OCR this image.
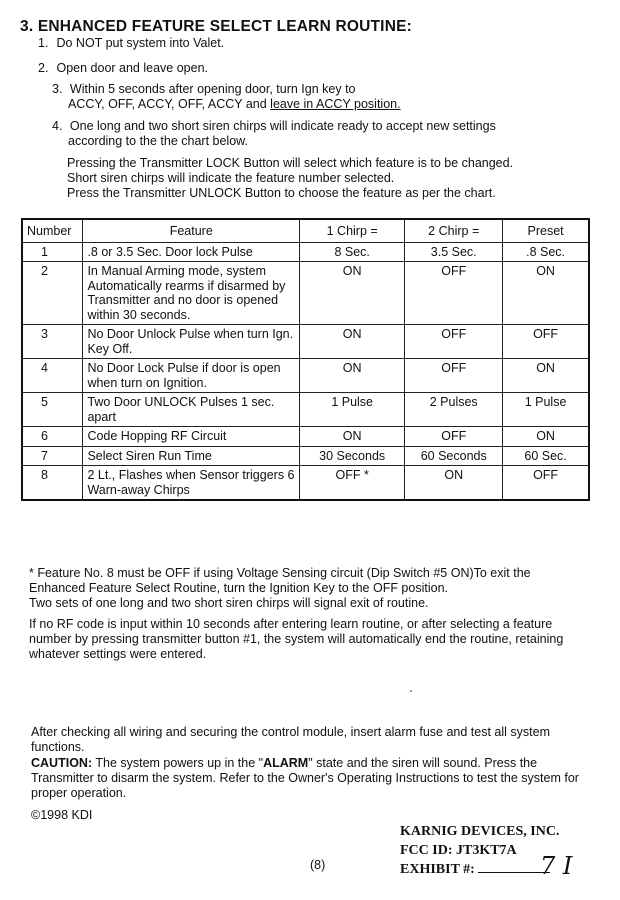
3. ENHANCED FEATURE SELECT LEARN ROUTINE:
1. Do NOT put system into Valet.
2. Open door and leave open.
3. Within 5 seconds after opening door, turn Ign key to
ACCY, OFF, ACCY, OFF, ACCY and leave in ACCY position.
4. One long and two short siren chirps will indicate ready to accept new settings
according to the the chart below.
Pressing the Transmitter LOCK Button will select which feature is to be changed.
Short siren chirps will indicate the feature number selected.
Press the Transmitter UNLOCK Button to choose the feature as per the chart.
Number	Feature	1 Chirp =	2 Chirp =	Preset
1	.8 or 3.5 Sec. Door lock Pulse	8 Sec.	3.5 Sec.	.8 Sec.
2	In Manual Arming mode, system Automatically rearms if disarmed by Transmitter and no door is opened within 30 seconds.	ON	OFF	ON
3	No Door Unlock Pulse when turn Ign. Key Off.	ON	OFF	OFF
4	No Door Lock Pulse if door is open when turn on Ignition.	ON	OFF	ON
5	Two Door UNLOCK Pulses 1 sec. apart	1 Pulse	2 Pulses	1 Pulse
6	Code Hopping RF Circuit	ON	OFF	ON
7	Select Siren Run Time	30 Seconds	60 Seconds	60 Sec.
8	2 Lt., Flashes when Sensor triggers 6 Warn-away Chirps	OFF *	ON	OFF
* Feature No. 8 must be OFF if using Voltage Sensing circuit (Dip Switch #5 ON)To exit the Enhanced Feature Select Routine, turn the Ignition Key to the OFF position.
Two sets of one long and two short siren chirps will signal exit of routine.
If no RF code is input within 10 seconds after entering learn routine, or after selecting a feature number by pressing transmitter button #1, the system will automatically end the routine, retaining whatever settings were entered.
After checking all wiring and securing the control module, insert alarm fuse and test all system functions.
CAUTION: The system powers up in the "ALARM" state and the siren will sound. Press the Transmitter to disarm the system. Refer to the Owner's Operating Instructions to test the system for proper operation.
©1998 KDI
KARNIG DEVICES, INC.
FCC ID: JT3KT7A
EXHIBIT #:	7 I
(8)
